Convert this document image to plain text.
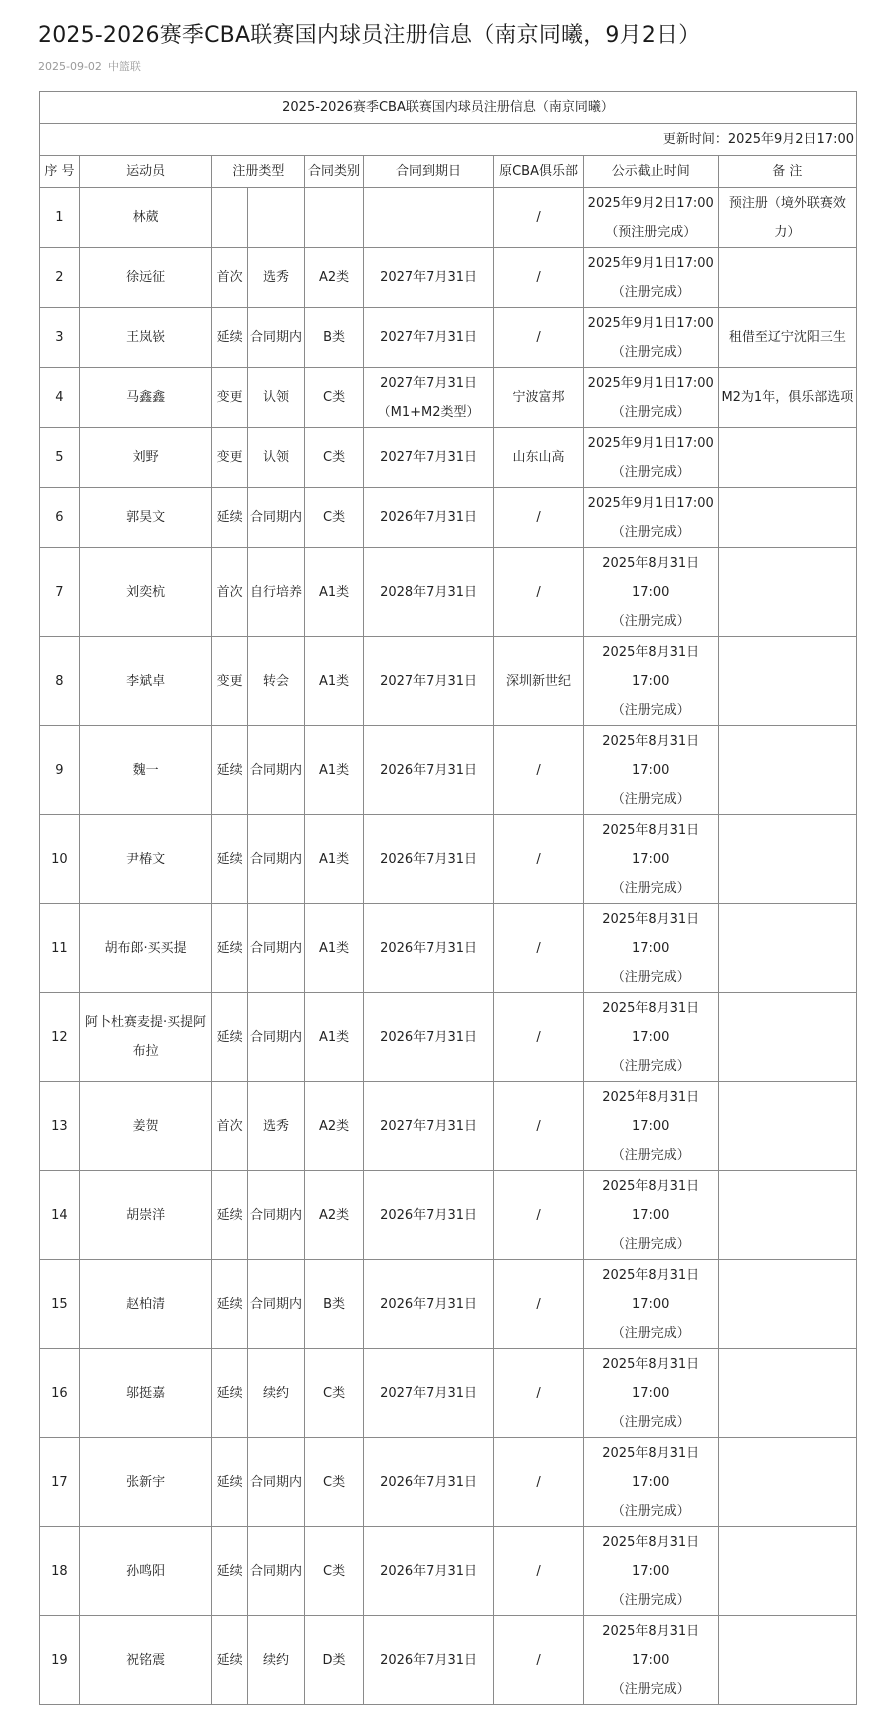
2025-2026赛季CBA联赛国内球员注册信息（南京同曦，9月2日）
2025-09-02 中篮联
2025-2026赛季CBA联赛国内球员注册信息（南京同曦）								
更新时间：2025年9月2日17:00								
序 号	运动员	注册类型		合同类别	合同到期日	原CBA俱乐部	公示截止时间	备 注

1	林葳					/	2025年9月2日17:00
（预注册完成）	预注册（境外联赛效力）

2	徐远征	首次	选秀	A2类	2027年7月31日	/	2025年9月1日17:00
（注册完成）	

3	王岚嵚	延续	合同期内	B类	2027年7月31日	/	2025年9月1日17:00
（注册完成）	租借至辽宁沈阳三生

4	马鑫鑫	变更	认领	C类	2027年7月31日
（M1+M2类型）	宁波富邦	2025年9月1日17:00
（注册完成）	M2为1年，俱乐部选项

5	刘野	变更	认领	C类	2027年7月31日	山东山高	2025年9月1日17:00
（注册完成）	

6	郭昊文	延续	合同期内	C类	2026年7月31日	/	2025年9月1日17:00
（注册完成）	

7	刘奕杭	首次	自行培养	A1类	2028年7月31日	/	2025年8月31日
17:00
（注册完成）	

8	李斌卓	变更	转会	A1类	2027年7月31日	深圳新世纪	2025年8月31日
17:00
（注册完成）	

9	魏一	延续	合同期内	A1类	2026年7月31日	/	2025年8月31日
17:00
（注册完成）	

10	尹椿文	延续	合同期内	A1类	2026年7月31日	/	2025年8月31日
17:00
（注册完成）	

11	胡布郎·买买提	延续	合同期内	A1类	2026年7月31日	/	2025年8月31日
17:00
（注册完成）	

12	阿卜杜赛麦提·买提阿布拉	延续	合同期内	A1类	2026年7月31日	/	2025年8月31日
17:00
（注册完成）	

13	姜贺	首次	选秀	A2类	2027年7月31日	/	2025年8月31日
17:00
（注册完成）	

14	胡崇洋	延续	合同期内	A2类	2026年7月31日	/	2025年8月31日
17:00
（注册完成）	

15	赵柏清	延续	合同期内	B类	2026年7月31日	/	2025年8月31日
17:00
（注册完成）	

16	邬挺嘉	延续	续约	C类	2027年7月31日	/	2025年8月31日
17:00
（注册完成）	

17	张新宇	延续	合同期内	C类	2026年7月31日	/	2025年8月31日
17:00
（注册完成）	

18	孙鸣阳	延续	合同期内	C类	2026年7月31日	/	2025年8月31日
17:00
（注册完成）	

19	祝铭震	延续	续约	D类	2026年7月31日	/	2025年8月31日
17:00
（注册完成）	
